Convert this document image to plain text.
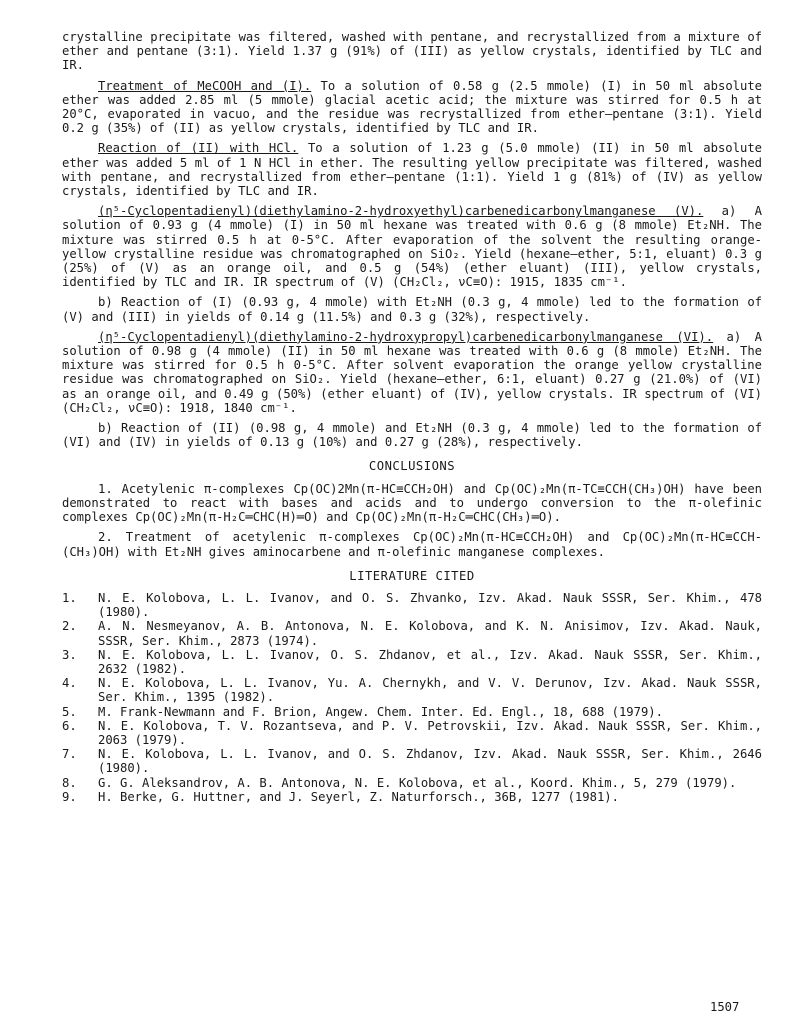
crystalline precipitate was filtered, washed with pentane, and recrystallized from a mixture of ether and pentane (3:1). Yield 1.37 g (91%) of (III) as yellow crystals, identified by TLC and IR.

Treatment of MeCOOH and (I). To a solution of 0.58 g (2.5 mmole) (I) in 50 ml absolute ether was added 2.85 ml (5 mmole) glacial acetic acid; the mixture was stirred for 0.5 h at 20°C, evaporated in vacuo, and the residue was recrystallized from ether–pentane (3:1). Yield 0.2 g (35%) of (II) as yellow crystals, identified by TLC and IR.

Reaction of (II) with HCl. To a solution of 1.23 g (5.0 mmole) (II) in 50 ml absolute ether was added 5 ml of 1 N HCl in ether. The resulting yellow precipitate was filtered, washed with pentane, and recrystallized from ether–pentane (1:1). Yield 1 g (81%) of (IV) as yellow crystals, identified by TLC and IR.

(η⁵-Cyclopentadienyl)(diethylamino-2-hydroxyethyl)carbenedicarbonylmanganese (V). a) A solution of 0.93 g (4 mmole) (I) in 50 ml hexane was treated with 0.6 g (8 mmole) Et₂NH. The mixture was stirred 0.5 h at 0-5°C. After evaporation of the solvent the resulting orange-yellow crystalline residue was chromatographed on SiO₂. Yield (hexane–ether, 5:1, eluant) 0.3 g (25%) of (V) as an orange oil, and 0.5 g (54%) (ether eluant) (III), yellow crystals, identified by TLC and IR. IR spectrum of (V) (CH₂Cl₂, νC≡O): 1915, 1835 cm⁻¹.

b) Reaction of (I) (0.93 g, 4 mmole) with Et₂NH (0.3 g, 4 mmole) led to the formation of (V) and (III) in yields of 0.14 g (11.5%) and 0.3 g (32%), respectively.

(η⁵-Cyclopentadienyl)(diethylamino-2-hydroxypropyl)carbenedicarbonylmanganese (VI). a) A solution of 0.98 g (4 mmole) (II) in 50 ml hexane was treated with 0.6 g (8 mmole) Et₂NH. The mixture was stirred for 0.5 h 0-5°C. After solvent evaporation the orange yellow crystalline residue was chromatographed on SiO₂. Yield (hexane–ether, 6:1, eluant) 0.27 g (21.0%) of (VI) as an orange oil, and 0.49 g (50%) (ether eluant) of (IV), yellow crystals. IR spectrum of (VI) (CH₂Cl₂, νC≡O): 1918, 1840 cm⁻¹.

b) Reaction of (II) (0.98 g, 4 mmole) and Et₂NH (0.3 g, 4 mmole) led to the formation of (VI) and (IV) in yields of 0.13 g (10%) and 0.27 g (28%), respectively.

CONCLUSIONS

1. Acetylenic π-complexes Cp(OC)2Mn(π-HC≡CCH₂OH) and Cp(OC)₂Mn(π-TC≡CCH(CH₃)OH) have been demonstrated to react with bases and acids and to undergo conversion to the π-olefinic complexes Cp(OC)₂Mn(π-H₂C═CHC(H)═O) and Cp(OC)₂Mn(π-H₂C═CHC(CH₃)═O).

2. Treatment of acetylenic π-complexes Cp(OC)₂Mn(π-HC≡CCH₂OH) and Cp(OC)₂Mn(π-HC≡CCH-(CH₃)OH) with Et₂NH gives aminocarbene and π-olefinic manganese complexes.

LITERATURE CITED

1.	N. E. Kolobova, L. L. Ivanov, and O. S. Zhvanko, Izv. Akad. Nauk SSSR, Ser. Khim., 478 (1980).
2.	A. N. Nesmeyanov, A. B. Antonova, N. E. Kolobova, and K. N. Anisimov, Izv. Akad. Nauk, SSSR, Ser. Khim., 2873 (1974).
3.	N. E. Kolobova, L. L. Ivanov, O. S. Zhdanov, et al., Izv. Akad. Nauk SSSR, Ser. Khim., 2632 (1982).
4.	N. E. Kolobova, L. L. Ivanov, Yu. A. Chernykh, and V. V. Derunov, Izv. Akad. Nauk SSSR, Ser. Khim., 1395 (1982).
5.	M. Frank-Newmann and F. Brion, Angew. Chem. Inter. Ed. Engl., 18, 688 (1979).
6.	N. E. Kolobova, T. V. Rozantseva, and P. V. Petrovskii, Izv. Akad. Nauk SSSR, Ser. Khim., 2063 (1979).
7.	N. E. Kolobova, L. L. Ivanov, and O. S. Zhdanov, Izv. Akad. Nauk SSSR, Ser. Khim., 2646 (1980).
8.	G. G. Aleksandrov, A. B. Antonova, N. E. Kolobova, et al., Koord. Khim., 5, 279 (1979).
9.	H. Berke, G. Huttner, and J. Seyerl, Z. Naturforsch., 36B, 1277 (1981).
1507
